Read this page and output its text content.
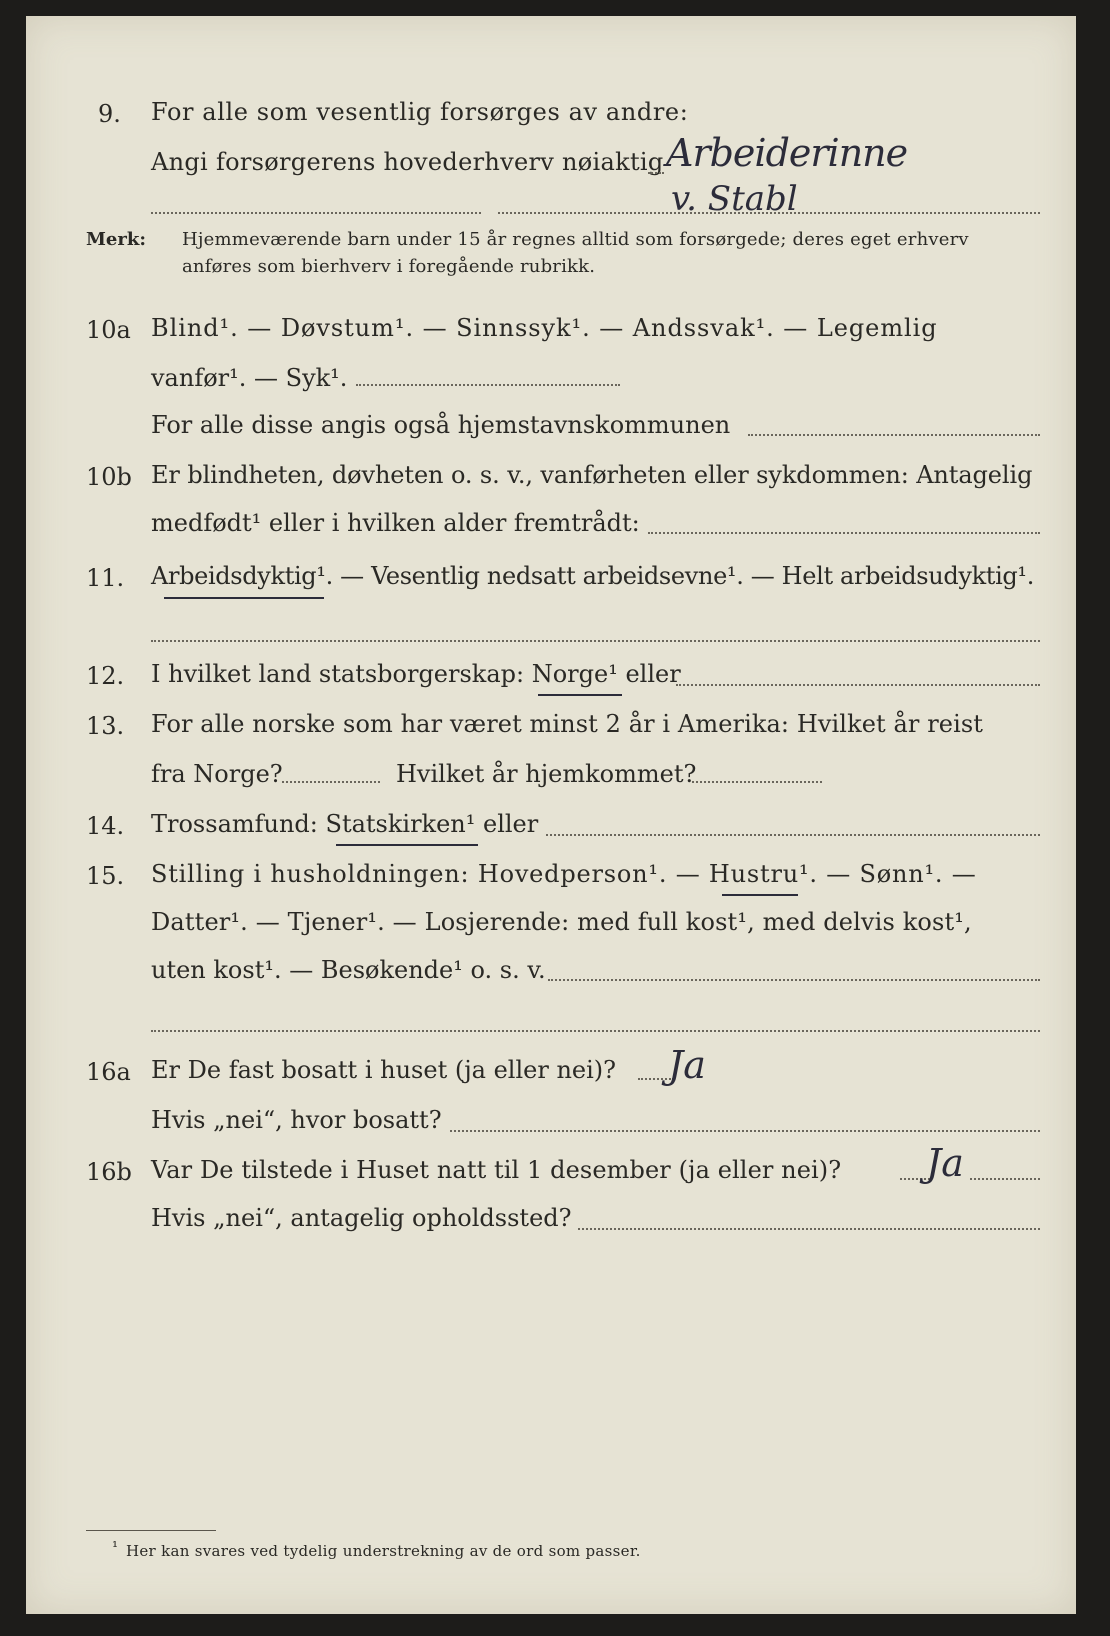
9. For alle som vesentlig forsørges av andre:
Angi forsørgerens hovederhverv nøiaktig Arbeiderinne
v. Stabl
Merk: Hjemmeværende barn under 15 år regnes alltid som forsørgede; deres eget erhverv
anføres som bierhverv i foregående rubrikk.
10a Blind¹. — Døvstum¹. — Sinnssyk¹. — Andssvak¹. — Legemlig
vanfør¹. — Syk¹.
For alle disse angis også hjemstavnskommunen
10b Er blindheten, døvheten o. s. v., vanførheten eller sykdommen: Antagelig
medfødt¹ eller i hvilken alder fremtrådt:
11. Arbeidsdyktig¹. — Vesentlig nedsatt arbeidsevne¹. — Helt arbeidsudyktig¹.
12. I hvilket land statsborgerskap: Norge¹ eller
13. For alle norske som har været minst 2 år i Amerika: Hvilket år reist
fra Norge?	Hvilket år hjemkommet?
14. Trossamfund: Statskirken¹ eller
15. Stilling i husholdningen: Hovedperson¹. — Hustru¹. — Sønn¹. —
Datter¹. — Tjener¹. — Losjerende: med full kost¹, med delvis kost¹,
uten kost¹. — Besøkende¹ o. s. v.
16a Er De fast bosatt i huset (ja eller nei)? Ja
Hvis „nei“, hvor bosatt?
16b Var De tilstede i Huset natt til 1 desember (ja eller nei)? Ja
Hvis „nei“, antagelig opholdssted?
¹ Her kan svares ved tydelig understrekning av de ord som passer.
